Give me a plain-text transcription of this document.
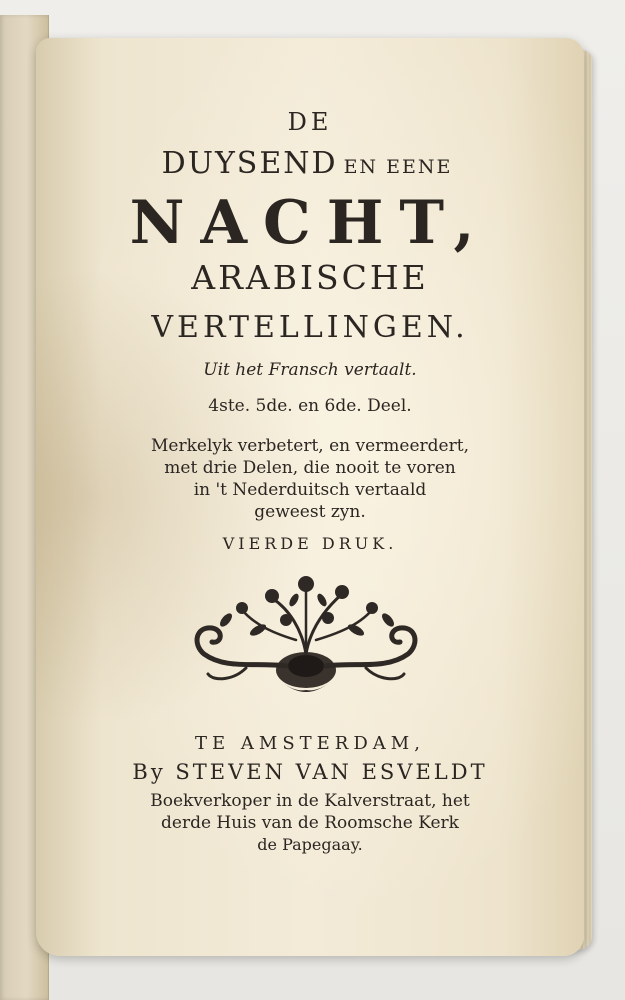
DE
DUYSEND EN EENE
NACHT,
ARABISCHE
VERTELLINGEN.
Uit het Fransch vertaalt.
4ste. 5de. en 6de. Deel.
Merkelyk verbetert, en vermeerdert,
met drie Delen, die nooit te voren
in 't Nederduitsch vertaald
geweest zyn.
VIERDE DRUK.
TE AMSTERDAM,
By STEVEN VAN ESVELDT
Boekverkoper in de Kalverstraat, het
derde Huis van de Roomsche Kerk
de Papegaay.
